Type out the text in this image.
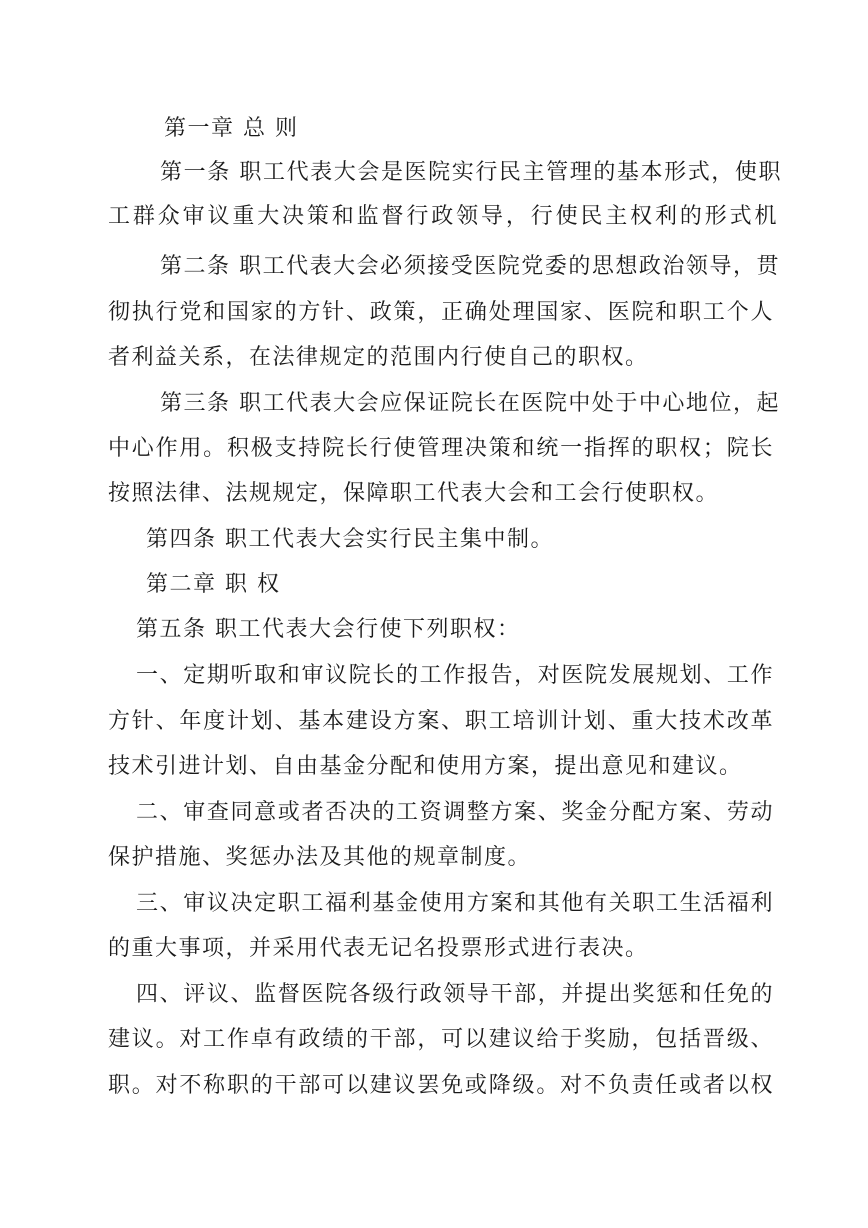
第一章 总 则
第一条 职工代表大会是医院实行民主管理的基本形式，使职
工群众审议重大决策和监督行政领导，行使民主权利的形式机
第二条 职工代表大会必须接受医院党委的思想政治领导，贯
彻执行党和国家的方针、政策，正确处理国家、医院和职工个人
者利益关系，在法律规定的范围内行使自己的职权。
第三条 职工代表大会应保证院长在医院中处于中心地位，起
中心作用。积极支持院长行使管理决策和统一指挥的职权；院长
按照法律、法规规定，保障职工代表大会和工会行使职权。
第四条 职工代表大会实行民主集中制。
第二章 职 权
第五条 职工代表大会行使下列职权：
一、定期听取和审议院长的工作报告，对医院发展规划、工作
方针、年度计划、基本建设方案、职工培训计划、重大技术改革
技术引进计划、自由基金分配和使用方案，提出意见和建议。
二、审查同意或者否决的工资调整方案、奖金分配方案、劳动
保护措施、奖惩办法及其他的规章制度。
三、审议决定职工福利基金使用方案和其他有关职工生活福利
的重大事项，并采用代表无记名投票形式进行表决。
四、评议、监督医院各级行政领导干部，并提出奖惩和任免的
建议。对工作卓有政绩的干部，可以建议给于奖励，包括晋级、
职。对不称职的干部可以建议罢免或降级。对不负责任或者以权
